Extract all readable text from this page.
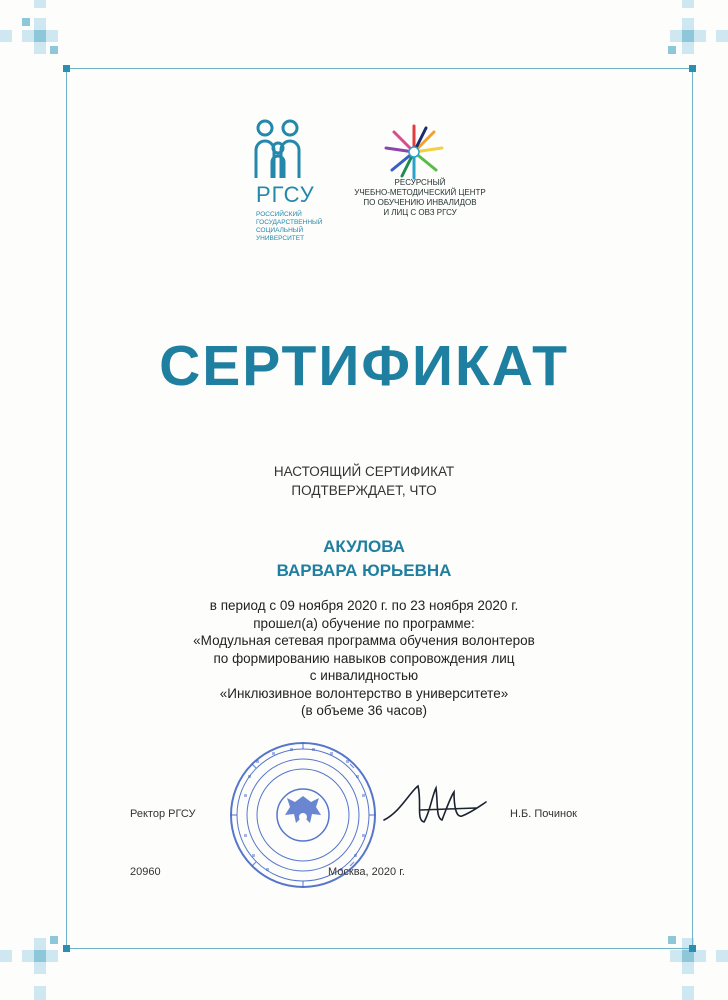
РГСУ
РОССИЙСКИЙ
ГОСУДАРСТВЕННЫЙ
СОЦИАЛЬНЫЙ
УНИВЕРСИТЕТ
РЕСУРСНЫЙ
УЧЕБНО-МЕТОДИЧЕСКИЙ ЦЕНТР
ПО ОБУЧЕНИЮ ИНВАЛИДОВ
И ЛИЦ С ОВЗ РГСУ
СЕРТИФИКАТ
НАСТОЯЩИЙ СЕРТИФИКАТ
ПОДТВЕРЖДАЕТ, ЧТО
АКУЛОВА
ВАРВАРА ЮРЬЕВНА
в период с 09 ноября 2020 г. по 23 ноября 2020 г.
прошел(а) обучение по программе:
«Модульная сетевая программа обучения волонтеров
по формированию навыков сопровождения лиц
с инвалидностью
«Инклюзивное волонтерство в университете»
(в объеме 36 часов)
Ректор РГСУ	Н.Б. Починок
20960	Москва, 2020 г.
